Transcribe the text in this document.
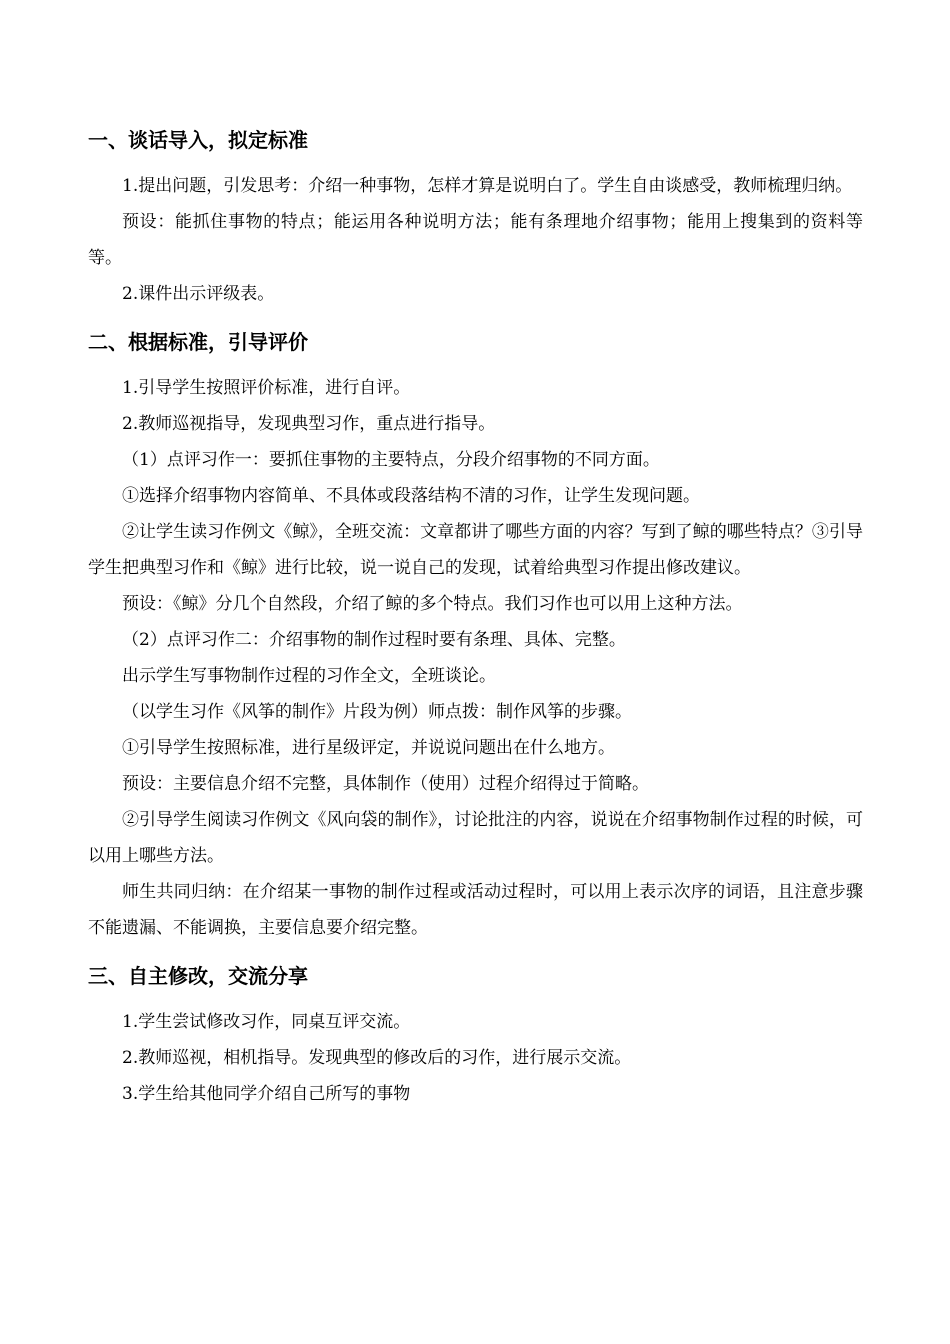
一、谈话导入，拟定标准

1.提出问题，引发思考：介绍一种事物，怎样才算是说明白了。学生自由谈感受，教师梳理归纳。

预设：能抓住事物的特点；能运用各种说明方法；能有条理地介绍事物；能用上搜集到的资料等等。

2.课件出示评级表。

二、根据标准，引导评价

1.引导学生按照评价标准，进行自评。

2.教师巡视指导，发现典型习作，重点进行指导。

（1）点评习作一：要抓住事物的主要特点，分段介绍事物的不同方面。

①选择介绍事物内容简单、不具体或段落结构不清的习作，让学生发现问题。

②让学生读习作例文《鲸》，全班交流：文章都讲了哪些方面的内容？写到了鲸的哪些特点？③引导学生把典型习作和《鲸》进行比较，说一说自己的发现，试着给典型习作提出修改建议。

预设：《鲸》分几个自然段，介绍了鲸的多个特点。我们习作也可以用上这种方法。

（2）点评习作二：介绍事物的制作过程时要有条理、具体、完整。

出示学生写事物制作过程的习作全文，全班谈论。

（以学生习作《风筝的制作》片段为例）师点拨：制作风筝的步骤。

①引导学生按照标准，进行星级评定，并说说问题出在什么地方。

预设：主要信息介绍不完整，具体制作（使用）过程介绍得过于简略。

②引导学生阅读习作例文《风向袋的制作》，讨论批注的内容，说说在介绍事物制作过程的时候，可以用上哪些方法。

师生共同归纳：在介绍某一事物的制作过程或活动过程时，可以用上表示次序的词语，且注意步骤不能遗漏、不能调换，主要信息要介绍完整。

三、自主修改，交流分享

1.学生尝试修改习作，同桌互评交流。

2.教师巡视，相机指导。发现典型的修改后的习作，进行展示交流。

3.学生给其他同学介绍自己所写的事物
